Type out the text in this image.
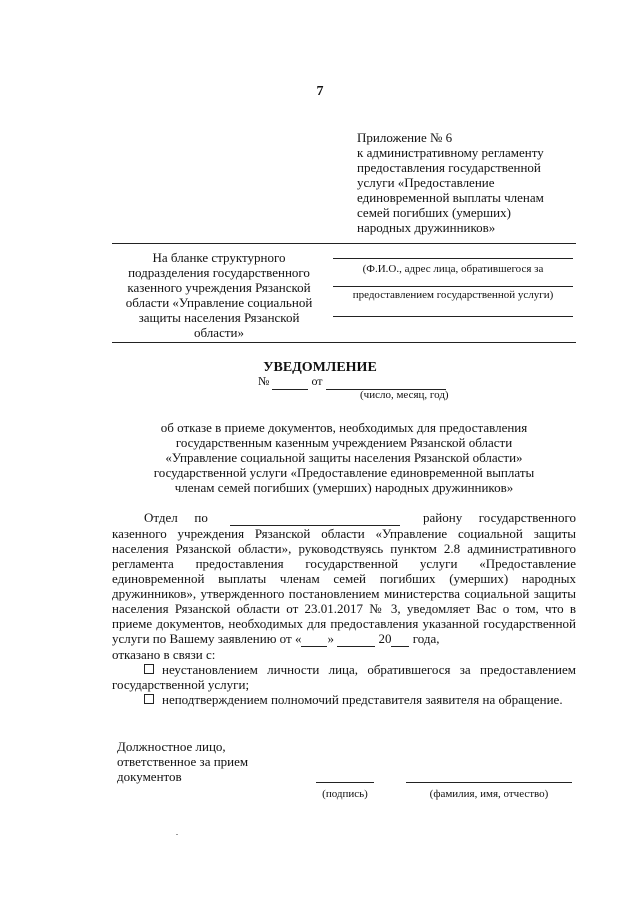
7
Приложение № 6
к административному регламенту
предоставления государственной
услуги «Предоставление
единовременной выплаты членам
семей погибших (умерших)
народных дружинников»
На бланке структурного
подразделения государственного
казенного учреждения Рязанской
области «Управление социальной
защиты населения Рязанской
области»
(Ф.И.О., адрес лица, обратившегося за
предоставлением государственной услуги)
УВЕДОМЛЕНИЕ
№	от
(число, месяц, год)
об отказе в приеме документов, необходимых для предоставления
государственным казенным учреждением Рязанской области
«Управление социальной защиты населения Рязанской области»
государственной услуги «Предоставление единовременной выплаты
членам семей погибших (умерших) народных дружинников»

Отдел по	району государственного казенного учреждения Рязанской области «Управление социальной защиты населения Рязанской области», руководствуясь пунктом 2.8 административного регламента предоставления государственной услуги «Предоставление единовременной выплаты членам семей погибших (умерших) народных дружинников», утвержденного постановлением министерства социальной защиты населения Рязанской области от 23.01.2017 № 3, уведомляет Вас о том, что в приеме документов, необходимых для предоставления указанной государственной услуги по Вашему заявлению от « »	20 года,

отказано в связи с:

неустановлением личности лица, обратившегося за предоставлением государственной услуги;

неподтверждением полномочий представителя заявителя на обращение.

Должностное лицо,
ответственное за прием
документов
(подпись)	(фамилия, имя, отчество)
